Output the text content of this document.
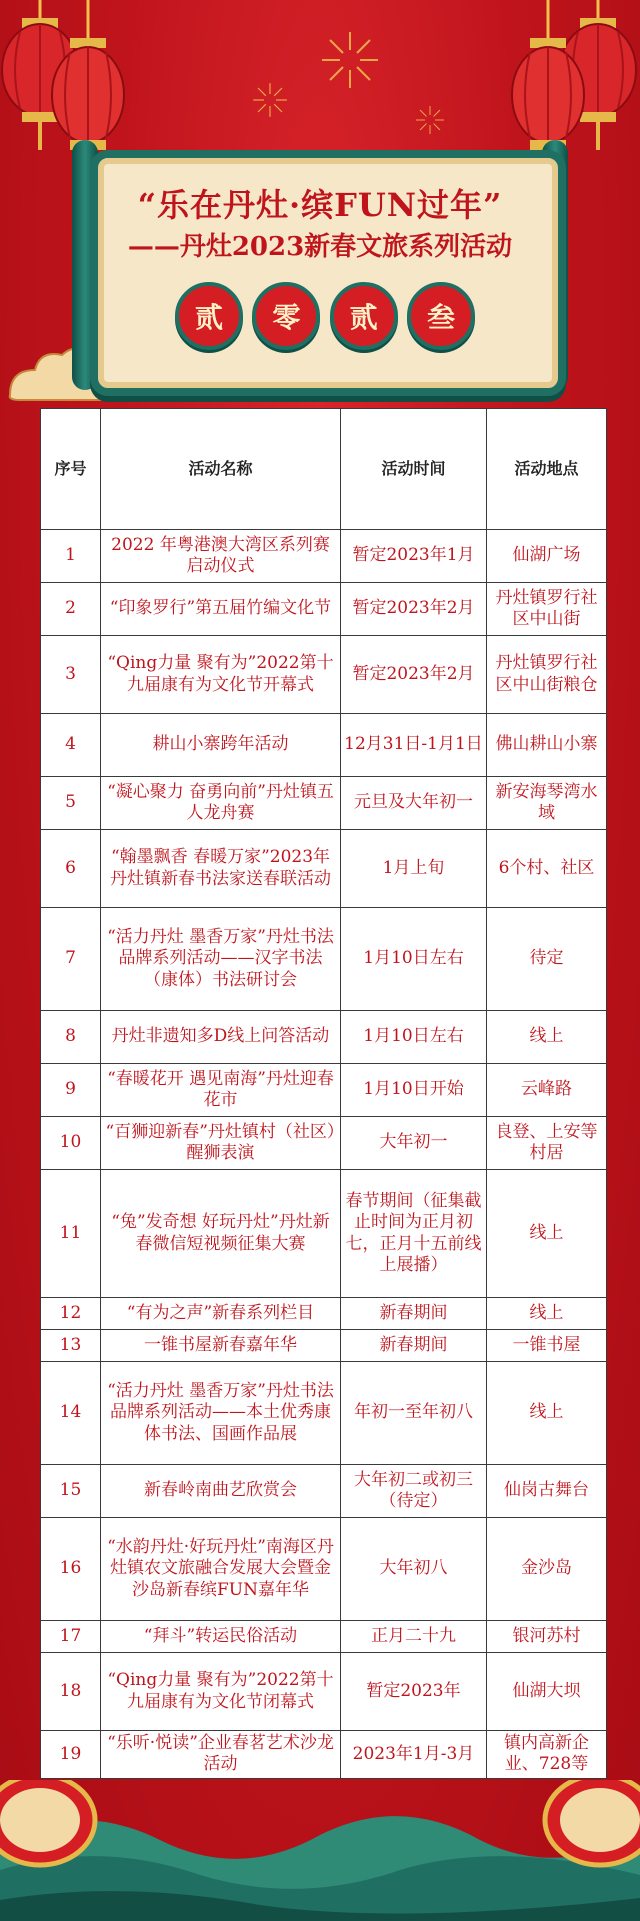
“乐在丹灶·缤FUN过年”
——丹灶2023新春文旅系列活动
贰	零	贰	叁
序号	活动名称	活动时间	活动地点
1	2022 年粤港澳大湾区系列赛启动仪式	暂定2023年1月	仙湖广场
2	“印象罗行”第五届竹编文化节	暂定2023年2月	丹灶镇罗行社区中山街
3	“Qing力量 聚有为”2022第十九届康有为文化节开幕式	暂定2023年2月	丹灶镇罗行社区中山街粮仓
4	耕山小寨跨年活动	12月31日-1月1日	佛山耕山小寨
5	“凝心聚力 奋勇向前”丹灶镇五人龙舟赛	元旦及大年初一	新安海琴湾水域
6	“翰墨飘香 春暖万家”2023年丹灶镇新春书法家送春联活动	1月上旬	6个村、社区
7	“活力丹灶 墨香万家”丹灶书法品牌系列活动——汉字书法（康体）书法研讨会	1月10日左右	待定
8	丹灶非遗知多D线上问答活动	1月10日左右	线上
9	“春暖花开 遇见南海”丹灶迎春花市	1月10日开始	云峰路
10	“百狮迎新春”丹灶镇村（社区）醒狮表演	大年初一	良登、上安等村居
11	“兔”发奇想 好玩丹灶”丹灶新春微信短视频征集大赛	春节期间（征集截止时间为正月初七，正月十五前线上展播）	线上
12	“有为之声”新春系列栏目	新春期间	线上
13	一锥书屋新春嘉年华	新春期间	一锥书屋
14	“活力丹灶 墨香万家”丹灶书法品牌系列活动——本土优秀康体书法、国画作品展	年初一至年初八	线上
15	新春岭南曲艺欣赏会	大年初二或初三（待定）	仙岗古舞台
16	“水韵丹灶·好玩丹灶”南海区丹灶镇农文旅融合发展大会暨金沙岛新春缤FUN嘉年华	大年初八	金沙岛
17	“拜斗”转运民俗活动	正月二十九	银河苏村
18	“Qing力量 聚有为”2022第十九届康有为文化节闭幕式	暂定2023年	仙湖大坝
19	“乐听·悦读”企业春茗艺术沙龙活动	2023年1月-3月	镇内高新企业、728等
